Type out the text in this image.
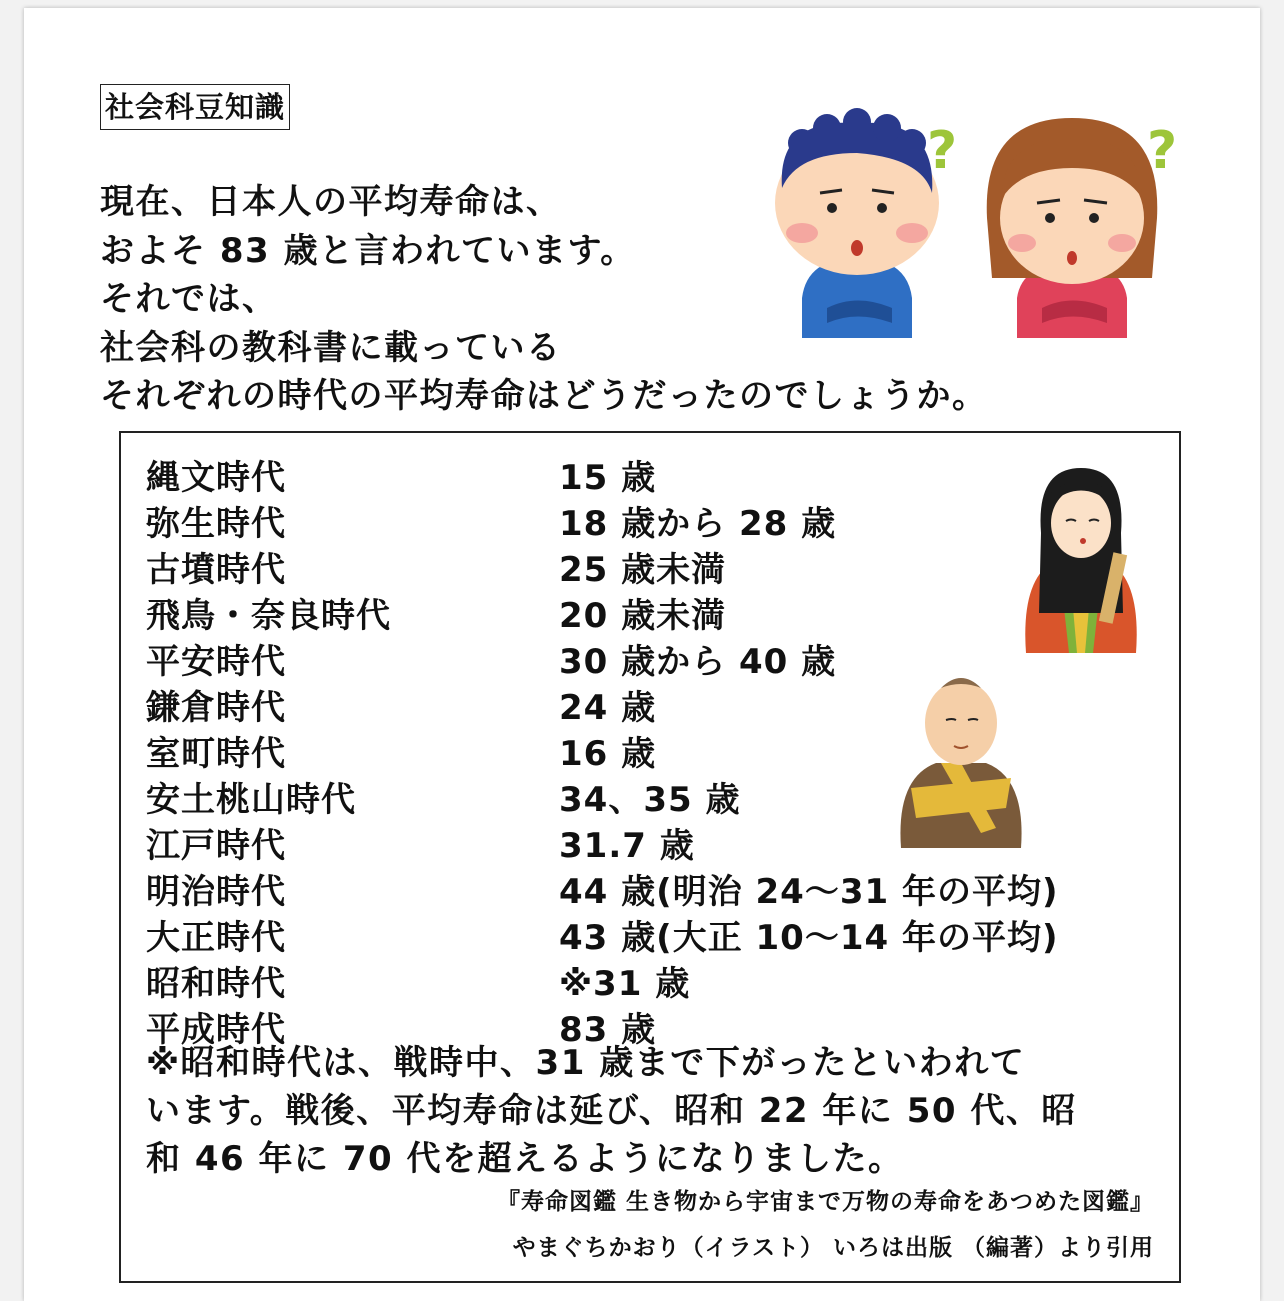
社会科豆知識
現在、日本人の平均寿命は、
およそ 83 歳と言われています。
それでは、
社会科の教科書に載っている
それぞれの時代の平均寿命はどうだったのでしょうか。
?	?
縄文時代	15 歳
弥生時代	18 歳から 28 歳
古墳時代	25 歳未満
飛鳥・奈良時代	20 歳未満
平安時代	30 歳から 40 歳
鎌倉時代	24 歳
室町時代	16 歳
安土桃山時代	34、35 歳
江戸時代	31.7 歳
明治時代	44 歳(明治 24～31 年の平均)
大正時代	43 歳(大正 10～14 年の平均)
昭和時代	※31 歳
平成時代	83 歳
※昭和時代は、戦時中、31 歳まで下がったといわれて
います。戦後、平均寿命は延び、昭和 22 年に 50 代、昭
和 46 年に 70 代を超えるようになりました。
『寿命図鑑 生き物から宇宙まで万物の寿命をあつめた図鑑』
やまぐちかおり（イラスト） いろは出版 （編著）より引用
